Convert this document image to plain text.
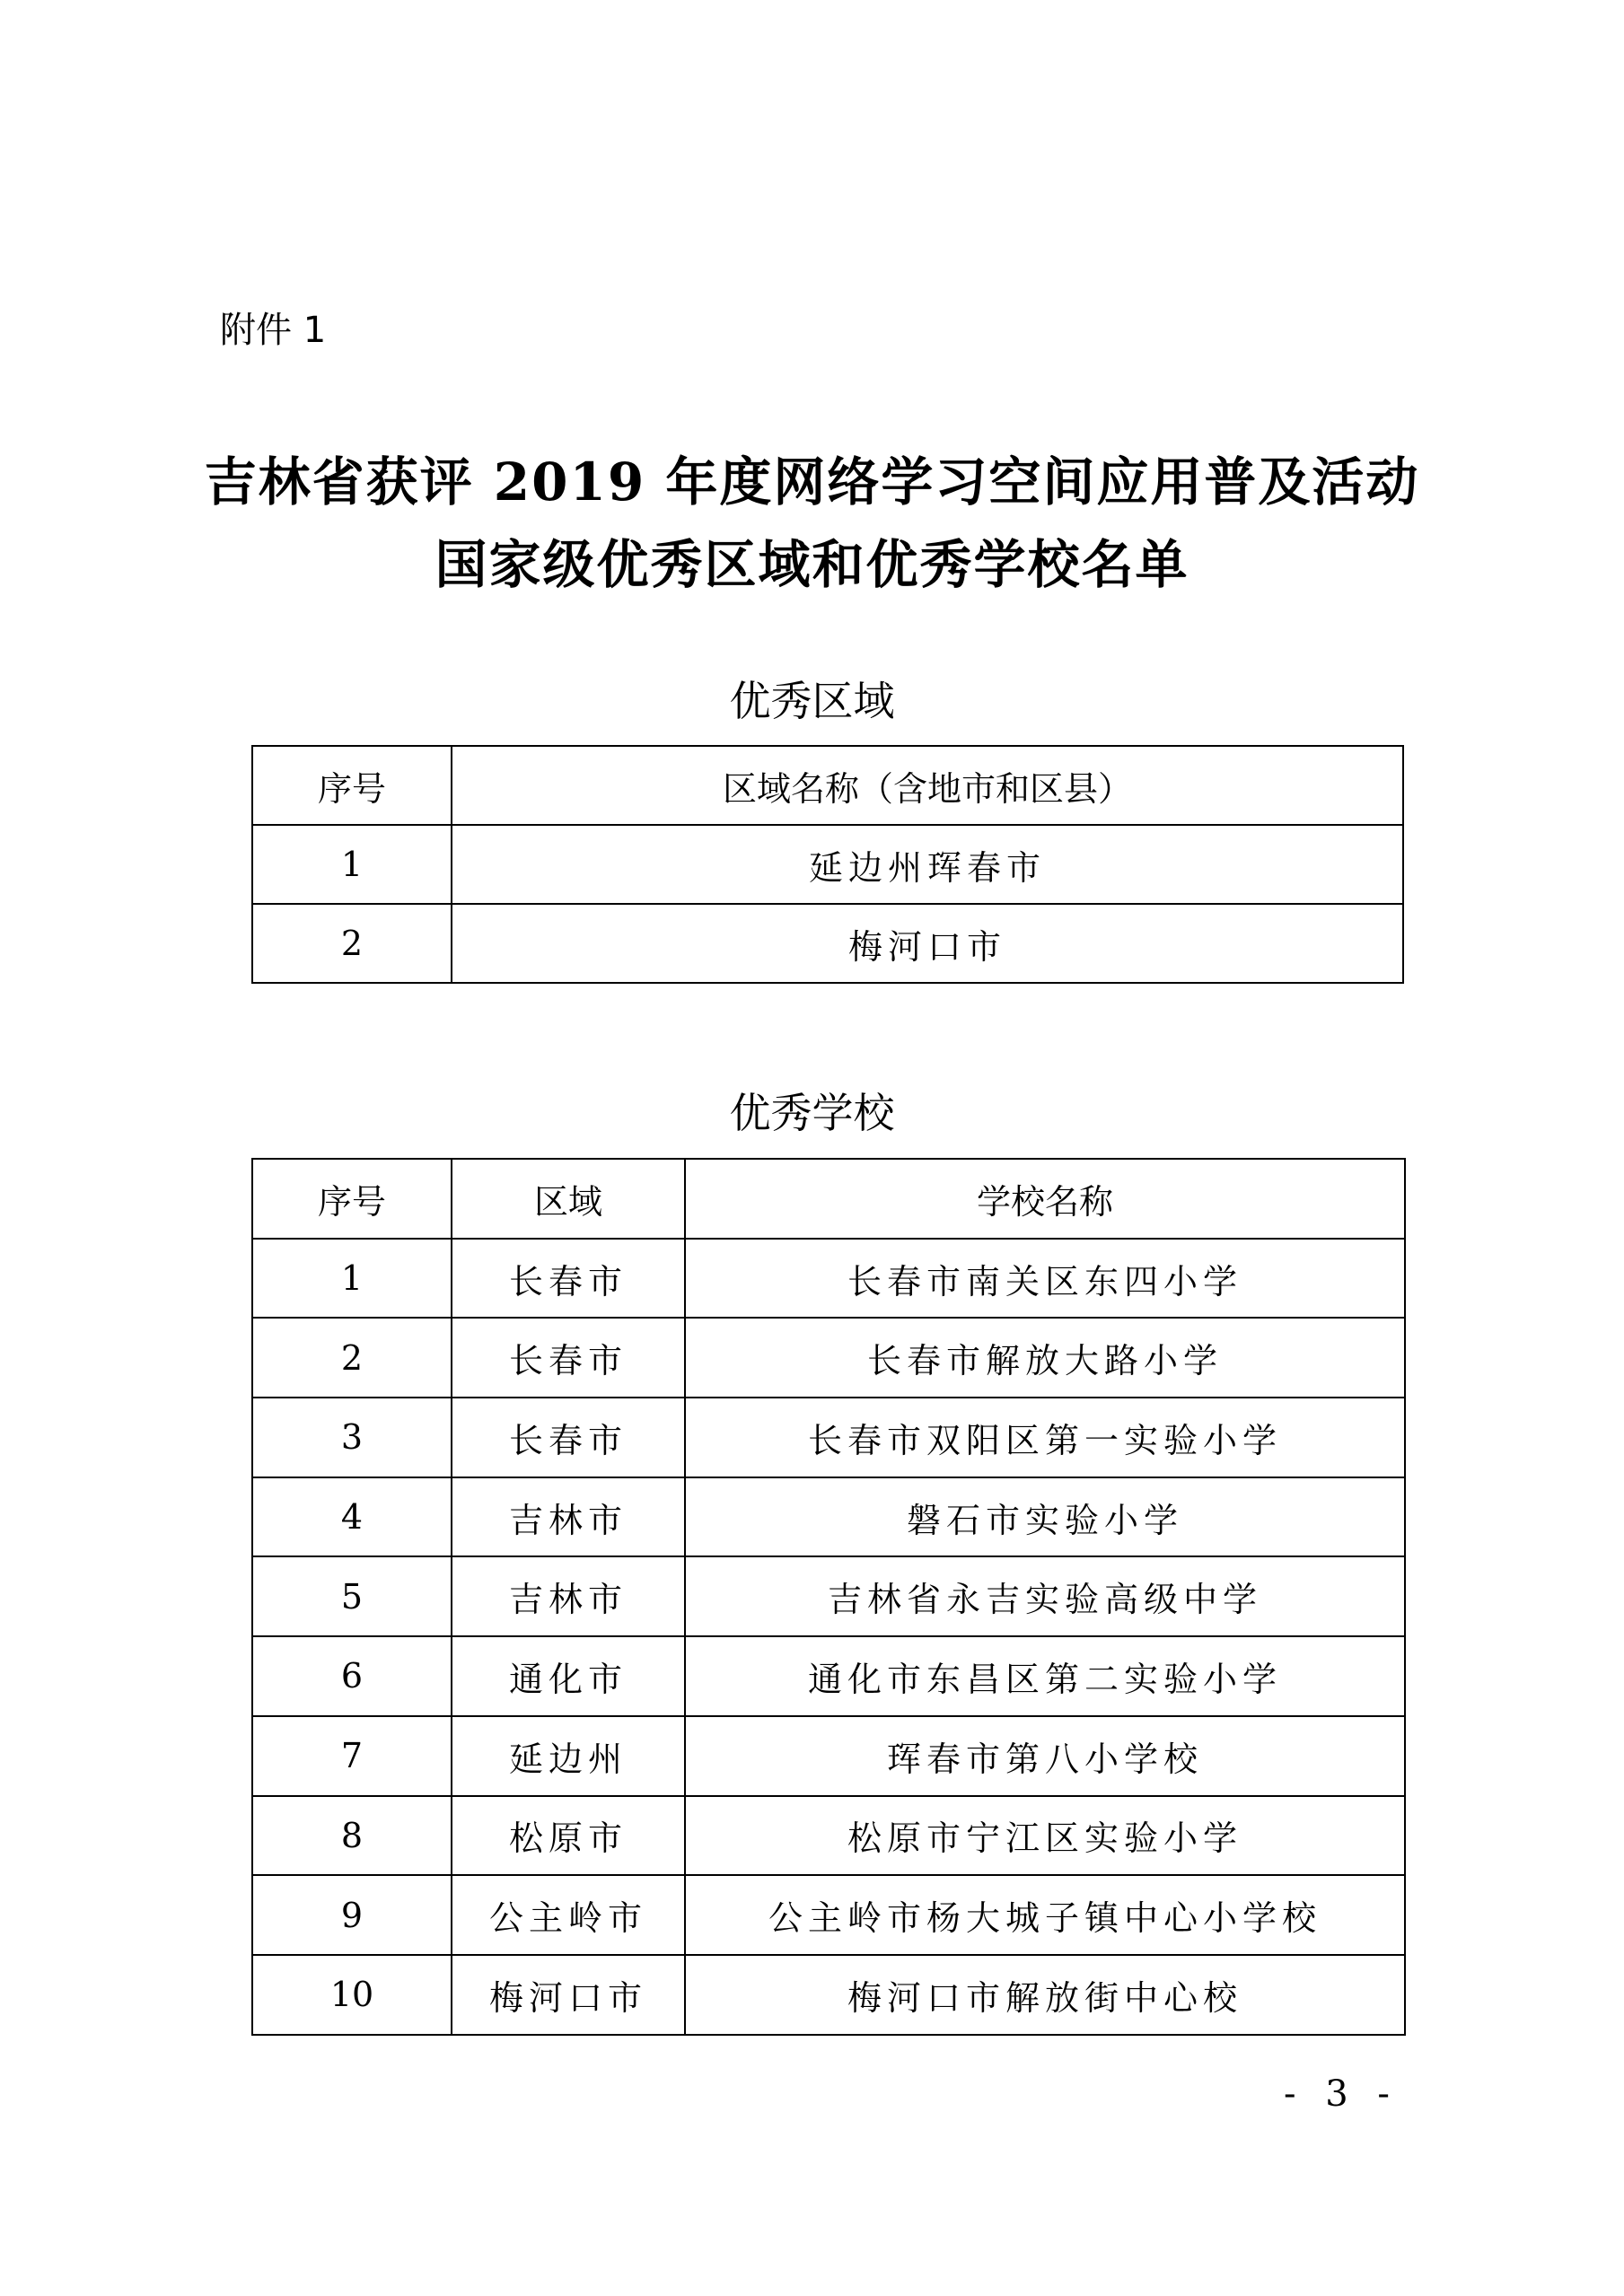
附件 1
吉林省获评 2019 年度网络学习空间应用普及活动
国家级优秀区域和优秀学校名单
优秀区域
序号	区域名称（含地市和区县）
1	延边州珲春市
2	梅河口市
优秀学校
序号	区域	学校名称
1	长春市	长春市南关区东四小学
2	长春市	长春市解放大路小学
3	长春市	长春市双阳区第一实验小学
4	吉林市	磐石市实验小学
5	吉林市	吉林省永吉实验高级中学
6	通化市	通化市东昌区第二实验小学
7	延边州	珲春市第八小学校
8	松原市	松原市宁江区实验小学
9	公主岭市	公主岭市杨大城子镇中心小学校
10	梅河口市	梅河口市解放街中心校
- 3 -
